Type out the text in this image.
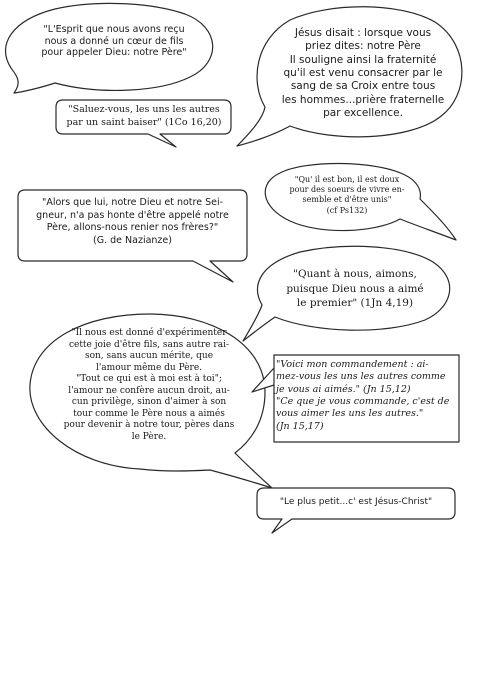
"L'Esprit que nous avons reçu
nous a donné un cœur de fils
pour appeler Dieu: notre Père"
Jésus disait : lorsque vous
priez dites: notre Père
Il souligne ainsi la fraternité
qu'il est venu consacrer par le
sang de sa Croix entre tous
les hommes...prière fraternelle
par excellence.
"Saluez-vous, les uns les autres
par un saint baiser" (1Co 16,20)
"Qu' il est bon, il est doux
pour des soeurs de vivre en-
semble et d'être unis"
(cf Ps132)
"Alors que lui, notre Dieu et notre Sei-
gneur, n'a pas honte d'être appelé notre
Père, allons-nous renier nos frères?"
(G. de Nazianze)
"Quant à nous, aimons,
puisque Dieu nous a aimé
le premier" (1Jn 4,19)
"Il nous est donné d'expérimenter
cette joie d'être fils, sans autre rai-
son, sans aucun mérite, que
l'amour même du Père.
"Tout ce qui est à moi est à toi";
l'amour ne confère aucun droit, au-
cun privilège, sinon d'aimer à son
tour comme le Père nous a aimés
pour devenir à notre tour, pères dans
le Père.
"Voici mon commandement : ai-
mez-vous les uns les autres comme
je vous ai aimés." (Jn 15,12)
"Ce que je vous commande, c'est de
vous aimer les uns les autres."
(Jn 15,17)
"Le plus petit...c' est Jésus-Christ"
